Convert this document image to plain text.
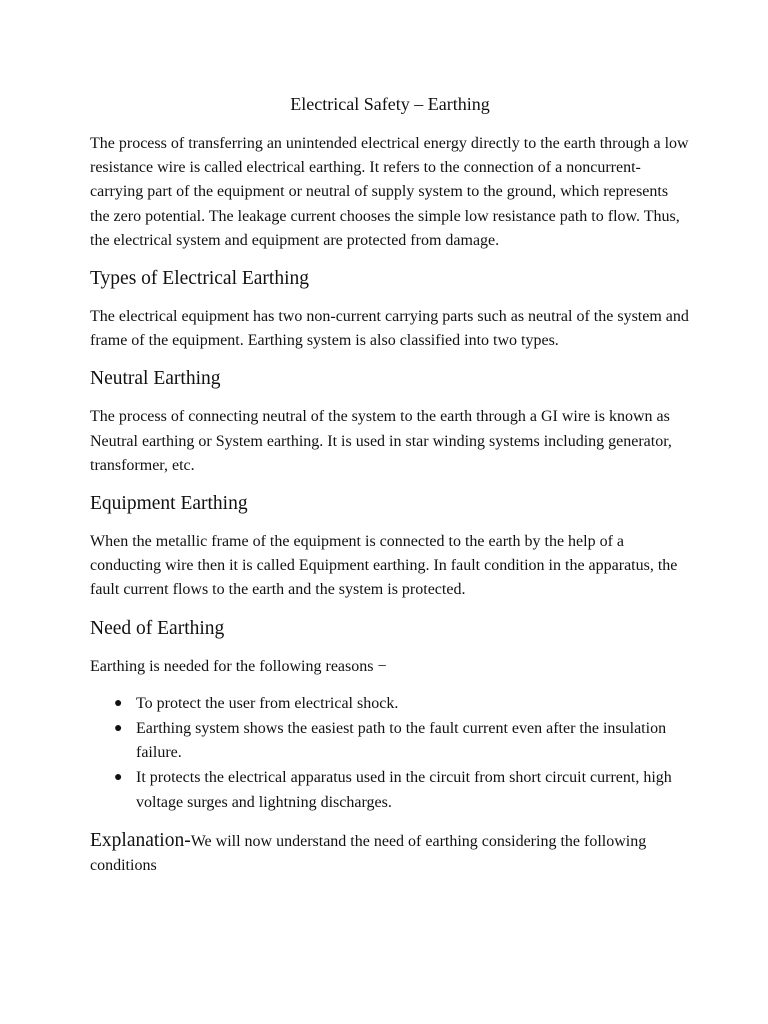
Electrical Safety – Earthing

The process of transferring an unintended electrical energy directly to the earth through a low resistance wire is called electrical earthing. It refers to the connection of a noncurrent-carrying part of the equipment or neutral of supply system to the ground, which represents the zero potential. The leakage current chooses the simple low resistance path to flow. Thus, the electrical system and equipment are protected from damage.

Types of Electrical Earthing

The electrical equipment has two non-current carrying parts such as neutral of the system and frame of the equipment. Earthing system is also classified into two types.

Neutral Earthing

The process of connecting neutral of the system to the earth through a GI wire is known as Neutral earthing or System earthing. It is used in star winding systems including generator, transformer, etc.

Equipment Earthing

When the metallic frame of the equipment is connected to the earth by the help of a conducting wire then it is called Equipment earthing. In fault condition in the apparatus, the fault current flows to the earth and the system is protected.

Need of Earthing

Earthing is needed for the following reasons −

● To protect the user from electrical shock.
● Earthing system shows the easiest path to the fault current even after the insulation failure.
● It protects the electrical apparatus used in the circuit from short circuit current, high voltage surges and lightning discharges.

Explanation-We will now understand the need of earthing considering the following conditions
